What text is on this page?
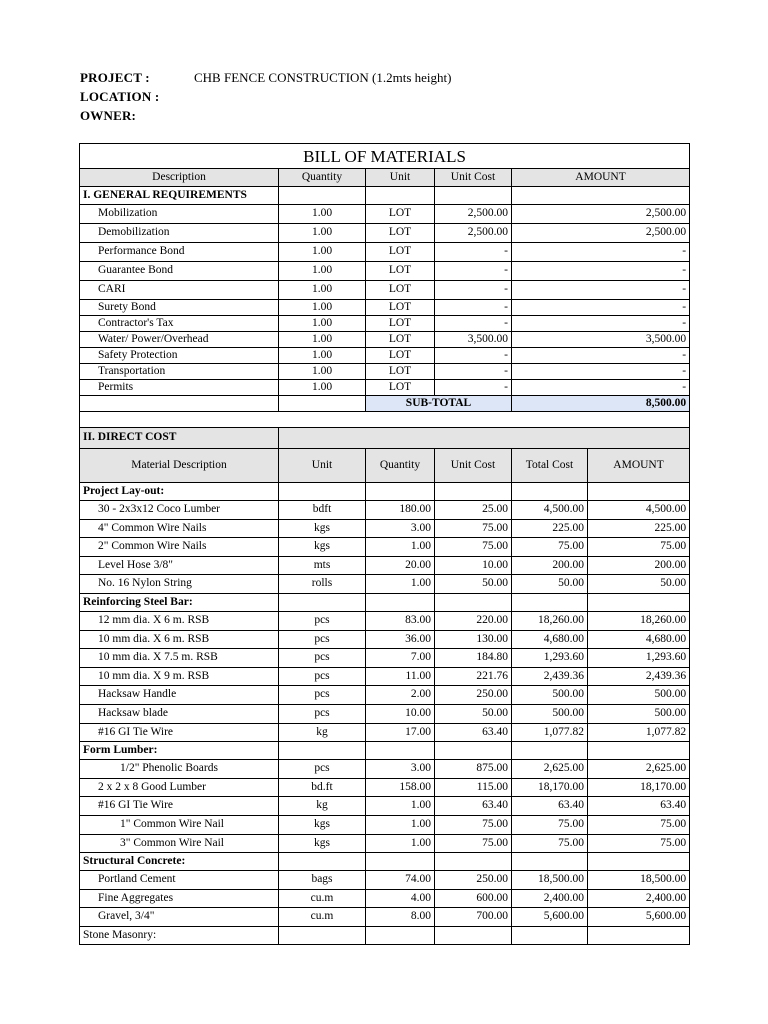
PROJECT :	CHB FENCE CONSTRUCTION (1.2mts height)
LOCATION :
OWNER:
BILL OF MATERIALS					
Description	Quantity	Unit	Unit Cost	AMOUNT	
I. GENERAL REQUIREMENTS					
Mobilization	1.00	LOT	2,500.00	2,500.00	
Demobilization	1.00	LOT	2,500.00	2,500.00	
Performance Bond	1.00	LOT	-	-	
Guarantee Bond	1.00	LOT	-	-	
CARI	1.00	LOT	-	-	
Surety Bond	1.00	LOT	-	-	
Contractor's Tax	1.00	LOT	-	-	
Water/ Power/Overhead	1.00	LOT	3,500.00	3,500.00	
Safety Protection	1.00	LOT	-	-	
Transportation	1.00	LOT	-	-	
Permits	1.00	LOT	-	-	
		SUB-TOTAL		8,500.00	

II. DIRECT COST					
Material Description	Unit	Quantity	Unit Cost	Total Cost	AMOUNT
Project Lay-out:					
30 - 2x3x12 Coco Lumber	bdft	180.00	25.00	4,500.00	4,500.00
4" Common Wire Nails	kgs	3.00	75.00	225.00	225.00
2" Common Wire Nails	kgs	1.00	75.00	75.00	75.00
Level Hose 3/8"	mts	20.00	10.00	200.00	200.00
No. 16 Nylon String	rolls	1.00	50.00	50.00	50.00
Reinforcing Steel Bar:					
12 mm dia. X 6 m. RSB	pcs	83.00	220.00	18,260.00	18,260.00
10 mm dia. X 6 m. RSB	pcs	36.00	130.00	4,680.00	4,680.00
10 mm dia. X 7.5 m. RSB	pcs	7.00	184.80	1,293.60	1,293.60
10 mm dia. X 9 m. RSB	pcs	11.00	221.76	2,439.36	2,439.36
Hacksaw Handle	pcs	2.00	250.00	500.00	500.00
Hacksaw blade	pcs	10.00	50.00	500.00	500.00
#16 GI Tie Wire	kg	17.00	63.40	1,077.82	1,077.82
Form Lumber:					
1/2" Phenolic Boards	pcs	3.00	875.00	2,625.00	2,625.00
2 x 2 x 8 Good Lumber	bd.ft	158.00	115.00	18,170.00	18,170.00
#16 GI Tie Wire	kg	1.00	63.40	63.40	63.40
1" Common Wire Nail	kgs	1.00	75.00	75.00	75.00
3" Common Wire Nail	kgs	1.00	75.00	75.00	75.00
Structural Concrete:					
Portland Cement	bags	74.00	250.00	18,500.00	18,500.00
Fine Aggregates	cu.m	4.00	600.00	2,400.00	2,400.00
Gravel, 3/4"	cu.m	8.00	700.00	5,600.00	5,600.00
Stone Masonry:					
